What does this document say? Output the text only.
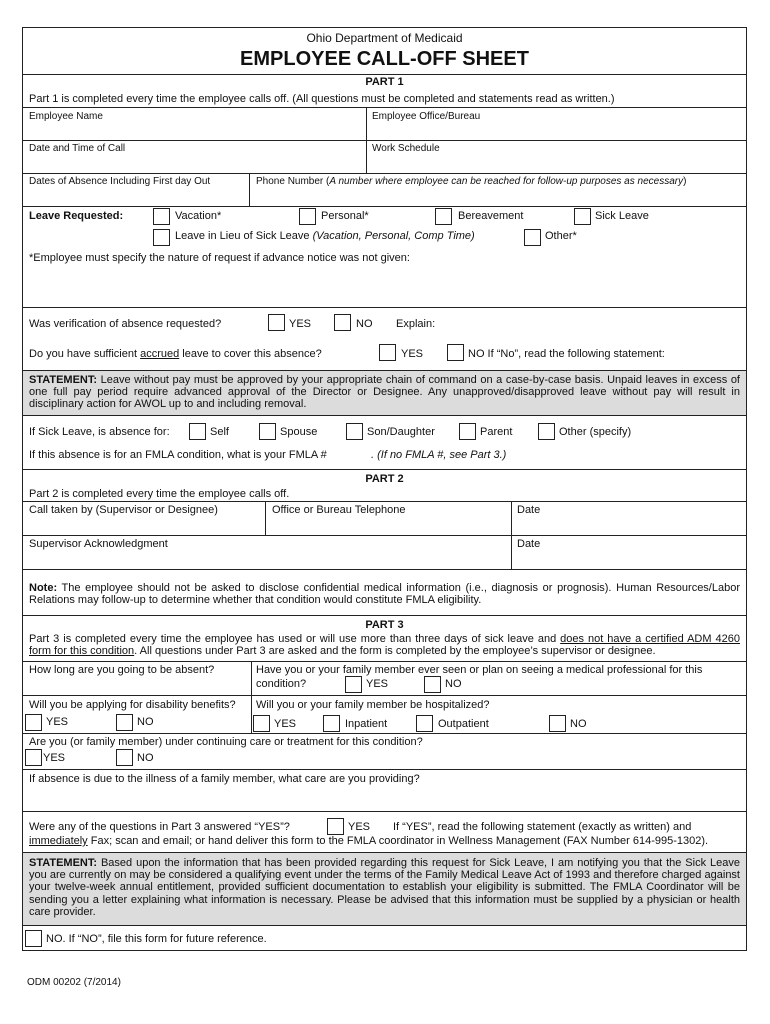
Ohio Department of Medicaid
EMPLOYEE CALL-OFF SHEET
PART 1
Part 1 is completed every time the employee calls off. (All questions must be completed and statements read as written.)
Employee Name	Employee Office/Bureau
Date and Time of Call	Work Schedule
Dates of Absence Including First day Out	Phone Number (A number where employee can be reached for follow-up purposes as necessary)
Leave Requested:	Vacation*	Personal*	Bereavement	Sick Leave
Leave in Lieu of Sick Leave (Vacation, Personal, Comp Time)	Other*
*Employee must specify the nature of request if advance notice was not given:
Was verification of absence requested?	YES	NO Explain:
Do you have sufficient accrued leave to cover this absence?	YES	NO If “No”, read the following statement:
STATEMENT: Leave without pay must be approved by your appropriate chain of command on a case-by-case basis. Unpaid leaves in excess of one full pay period require advanced approval of the Director or Designee. Any unapproved/disapproved leave without pay will result in disciplinary action for AWOL up to and including removal.
If Sick Leave, is absence for:	Self	Spouse	Son/Daughter	Parent	Other (specify)
If this absence is for an FMLA condition, what is your FMLA #	. (If no FMLA #, see Part 3.)
PART 2
Part 2 is completed every time the employee calls off.
Call taken by (Supervisor or Designee)	Office or Bureau Telephone	Date
Supervisor Acknowledgment	Date
Note: The employee should not be asked to disclose confidential medical information (i.e., diagnosis or prognosis). Human Resources/Labor Relations may follow-up to determine whether that condition would constitute FMLA eligibility.
PART 3
Part 3 is completed every time the employee has used or will use more than three days of sick leave and does not have a certified ADM 4260 form for this condition. All questions under Part 3 are asked and the form is completed by the employee’s supervisor or designee.
How long are you going to be absent?	Have you or your family member ever seen or plan on seeing a medical professional for this
condition?	YES	NO
Will you be applying for disability benefits? Will you or your family member be hospitalized?
YES	NO	YES	Inpatient	Outpatient	NO
Are you (or family member) under continuing care or treatment for this condition?
YES	NO
If absence is due to the illness of a family member, what care are you providing?
Were any of the questions in Part 3 answered “YES”?	YES If “YES”, read the following statement (exactly as written) and
immediately Fax; scan and email; or hand deliver this form to the FMLA coordinator in Wellness Management (FAX Number 614-995-1302).
STATEMENT: Based upon the information that has been provided regarding this request for Sick Leave, I am notifying you that the Sick Leave you are currently on may be considered a qualifying event under the terms of the Family Medical Leave Act of 1993 and therefore charged against your twelve-week annual entitlement, provided sufficient documentation to establish your eligibility is submitted. The FMLA Coordinator will be sending you a letter explaining what information is necessary. Please be advised that this information must be supplied by a physician or health care provider.
NO. If “NO”, file this form for future reference.
ODM 00202 (7/2014)
